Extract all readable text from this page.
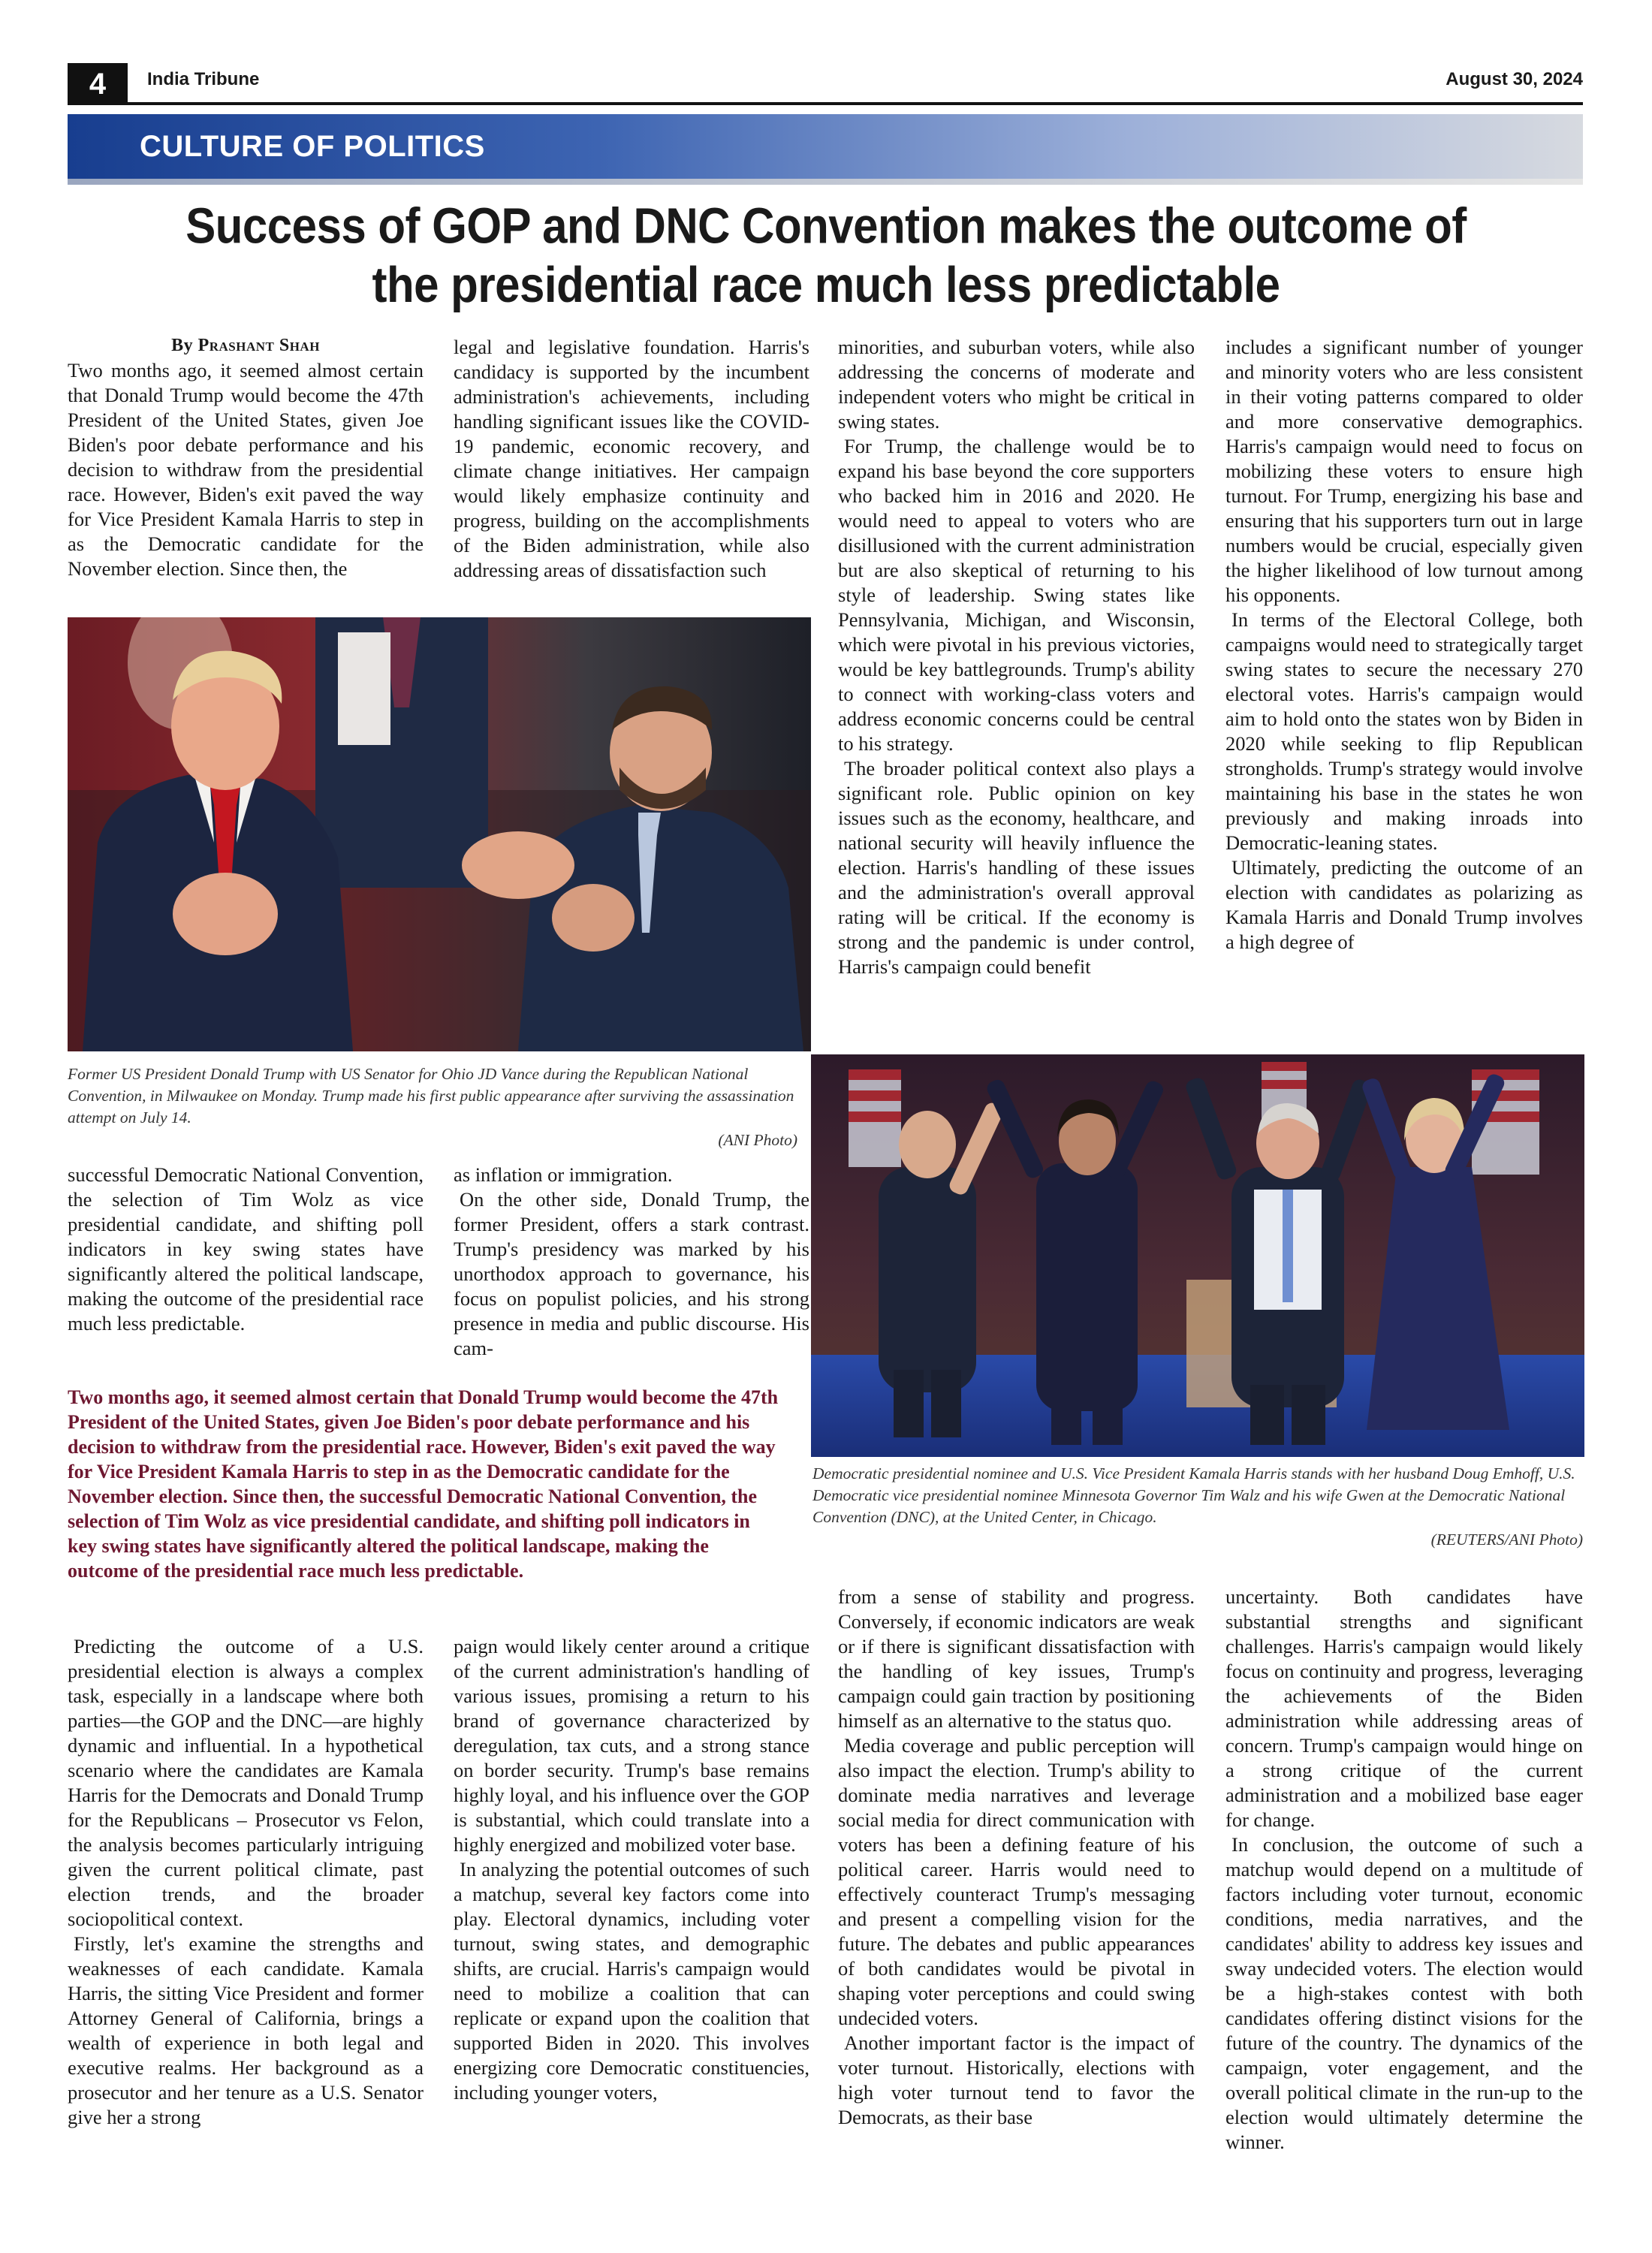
4	India Tribune	August 30, 2024
CULTURE OF POLITICS
Success of GOP and DNC Convention makes the outcome of
the presidential race much less predictable
By Prashant Shah

Two months ago, it seemed almost certain that Donald Trump would become the 47th President of the United States, given Joe Biden's poor debate performance and his decision to withdraw from the presidential race. However, Biden's exit paved the way for Vice President Kamala Harris to step in as the Democratic candidate for the November election. Since then, the

legal and legislative foundation. Harris's candidacy is supported by the incumbent administration's achievements, including handling significant issues like the COVID-19 pandemic, economic recovery, and climate change initiatives. Her campaign would likely emphasize continuity and progress, building on the accomplishments of the Biden administration, while also addressing areas of dissatisfaction such

minorities, and suburban voters, while also addressing the concerns of moderate and independent voters who might be critical in swing states.

For Trump, the challenge would be to expand his base beyond the core supporters who backed him in 2016 and 2020. He would need to appeal to voters who are disillusioned with the current administration but are also skeptical of returning to his style of leadership. Swing states like Pennsylvania, Michigan, and Wisconsin, which were pivotal in his previous victories, would be key battlegrounds. Trump's ability to connect with working-class voters and address economic concerns could be central to his strategy.

The broader political context also plays a significant role. Public opinion on key issues such as the economy, healthcare, and national security will heavily influence the election. Harris's handling of these issues and the administration's overall approval rating will be critical. If the economy is strong and the pandemic is under control, Harris's campaign could benefit

includes a significant number of younger and minority voters who are less consistent in their voting patterns compared to older and more conservative demographics. Harris's campaign would need to focus on mobilizing these voters to ensure high turnout. For Trump, energizing his base and ensuring that his supporters turn out in large numbers would be crucial, especially given the higher likelihood of low turnout among his opponents.

In terms of the Electoral College, both campaigns would need to strategically target swing states to secure the necessary 270 electoral votes. Harris's campaign would aim to hold onto the states won by Biden in 2020 while seeking to flip Republican strongholds. Trump's strategy would involve maintaining his base in the states he won previously and making inroads into Democratic-leaning states.

Ultimately, predicting the outcome of an election with candidates as polarizing as Kamala Harris and Donald Trump involves a high degree of

Former US President Donald Trump with US Senator for Ohio JD Vance during the Republican National Convention, in Milwaukee on Monday. Trump made his first public appearance after surviving the assassination attempt on July 14.
(ANI Photo)

successful Democratic National Convention, the selection of Tim Wolz as vice presidential candidate, and shifting poll indicators in key swing states have significantly altered the political landscape, making the outcome of the presidential race much less predictable.

as inflation or immigration.

On the other side, Donald Trump, the former President, offers a stark contrast. Trump's presidency was marked by his unorthodox approach to governance, his focus on populist policies, and his strong presence in media and public discourse. His cam-

Democratic presidential nominee and U.S. Vice President Kamala Harris stands with her husband Doug Emhoff, U.S. Democratic vice presidential nominee Minnesota Governor Tim Walz and his wife Gwen at the Democratic National Convention (DNC), at the United Center, in Chicago.
(REUTERS/ANI Photo)
Two months ago, it seemed almost certain that Donald Trump would become the 47th President of the United States, given Joe Biden's poor debate performance and his decision to withdraw from the presidential race. However, Biden's exit paved the way for Vice President Kamala Harris to step in as the Democratic candidate for the November election. Since then, the successful Democratic National Convention, the selection of Tim Wolz as vice presidential candidate, and shifting poll indicators in key swing states have significantly altered the political landscape, making the outcome of the presidential race much less predictable.

Predicting the outcome of a U.S. presidential election is always a complex task, especially in a landscape where both parties—the GOP and the DNC—are highly dynamic and influential. In a hypothetical scenario where the candidates are Kamala Harris for the Democrats and Donald Trump for the Republicans – Prosecutor vs Felon, the analysis becomes particularly intriguing given the current political climate, past election trends, and the broader sociopolitical context.

Firstly, let's examine the strengths and weaknesses of each candidate. Kamala Harris, the sitting Vice President and former Attorney General of California, brings a wealth of experience in both legal and executive realms. Her background as a prosecutor and her tenure as a U.S. Senator give her a strong

paign would likely center around a critique of the current administration's handling of various issues, promising a return to his brand of governance characterized by deregulation, tax cuts, and a strong stance on border security. Trump's base remains highly loyal, and his influence over the GOP is substantial, which could translate into a highly energized and mobilized voter base.

In analyzing the potential outcomes of such a matchup, several key factors come into play. Electoral dynamics, including voter turnout, swing states, and demographic shifts, are crucial. Harris's campaign would need to mobilize a coalition that can replicate or expand upon the coalition that supported Biden in 2020. This involves energizing core Democratic constituencies, including younger voters,

from a sense of stability and progress. Conversely, if economic indicators are weak or if there is significant dissatisfaction with the handling of key issues, Trump's campaign could gain traction by positioning himself as an alternative to the status quo.

Media coverage and public perception will also impact the election. Trump's ability to dominate media narratives and leverage social media for direct communication with voters has been a defining feature of his political career. Harris would need to effectively counteract Trump's messaging and present a compelling vision for the future. The debates and public appearances of both candidates would be pivotal in shaping voter perceptions and could swing undecided voters.

Another important factor is the impact of voter turnout. Historically, elections with high voter turnout tend to favor the Democrats, as their base

uncertainty. Both candidates have substantial strengths and significant challenges. Harris's campaign would likely focus on continuity and progress, leveraging the achievements of the Biden administration while addressing areas of concern. Trump's campaign would hinge on a strong critique of the current administration and a mobilized base eager for change.

In conclusion, the outcome of such a matchup would depend on a multitude of factors including voter turnout, economic conditions, media narratives, and the candidates' ability to address key issues and sway undecided voters. The election would be a high-stakes contest with both candidates offering distinct visions for the future of the country. The dynamics of the campaign, voter engagement, and the overall political climate in the run-up to the election would ultimately determine the winner.
